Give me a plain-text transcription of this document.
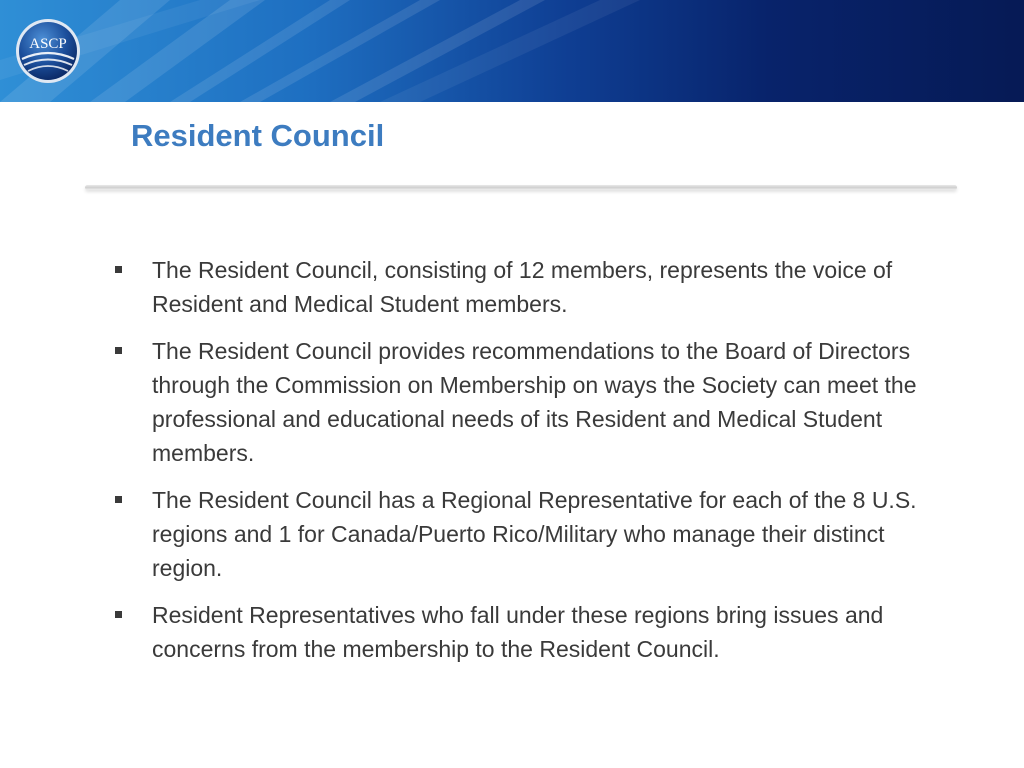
ASCP
Resident Council
The Resident Council, consisting of 12 members, represents the voice of Resident and Medical Student members.
The Resident Council provides recommendations to the Board of Directors through the Commission on Membership on ways the Society can meet the professional and educational needs of its Resident and Medical Student members.
The Resident Council has a Regional Representative for each of the 8 U.S. regions and 1 for Canada/Puerto Rico/Military who manage their distinct region.
Resident Representatives who fall under these regions bring issues and concerns from the membership to the Resident Council.
